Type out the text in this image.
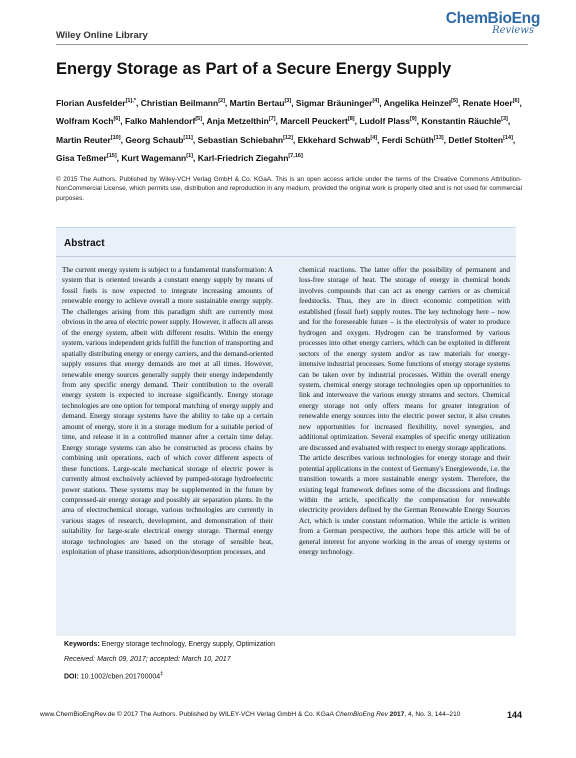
Wiley Online Library
ChemBioEng
Reviews
Energy Storage as Part of a Secure Energy Supply
Florian Ausfelder$^{[1],*}$, Christian Beilmann[2], Martin Bertau[3], Sigmar Bräuninger[4], Angelika Heinzel[5], Renate Hoer[6], Wolfram Koch[6], Falko Mahlendorf[5], Anja Metzelthin[7], Marcell Peuckert[8], Ludolf Plass[9], Konstantin Räuchle[3], Martin Reuter[10], Georg Schaub[11], Sebastian Schiebahn[12], Ekkehard Schwab[4], Ferdi Schüth[13], Detlef Stolten[14], Gisa Teßmer[15], Kurt Wagemann[1], Karl-Friedrich Ziegahn[7,16]
© 2015 The Authors. Published by Wiley-VCH Verlag GmbH & Co. KGaA. This is an open access article under the terms of the Creative Commons Attribution-NonCommercial License, which permits use, distribution and reproduction in any medium, provided the original work is properly cited and is not used for commercial purposes.
Abstract
The current energy system is subject to a fundamental transformation: A system that is oriented towards a constant energy supply by means of fossil fuels is now expected to integrate increasing amounts of renewable energy to achieve overall a more sustainable energy supply. The challenges arising from this paradigm shift are currently most obvious in the area of electric power supply. However, it affects all areas of the energy system, albeit with different results. Within the energy system, various independent grids fulfill the function of transporting and spatially distributing energy or energy carriers, and the demand-oriented supply ensures that energy demands are met at all times. However, renewable energy sources generally supply their energy independently from any specific energy demand. Their contribution to the overall energy system is expected to increase significantly. Energy storage technologies are one option for temporal matching of energy supply and demand. Energy storage systems have the ability to take up a certain amount of energy, store it in a storage medium for a suitable period of time, and release it in a controlled manner after a certain time delay. Energy storage systems can also be constructed as process chains by combining unit operations, each of which cover different aspects of these functions. Large-scale mechanical storage of electric power is currently almost exclusively achieved by pumped-storage hydroelectric power stations. These systems may be supplemented in the future by compressed-air energy storage and possibly air separation plants. In the area of electrochemical storage, various technologies are currently in various stages of research, development, and demonstration of their suitability for large-scale electrical energy storage. Thermal energy storage technologies are based on the storage of sensible heat, exploitation of phase transitions, adsorption/desorption processes, and
chemical reactions. The latter offer the possibility of permanent and loss-free storage of heat. The storage of energy in chemical bonds involves compounds that can act as energy carriers or as chemical feedstocks. Thus, they are in direct economic competition with established (fossil fuel) supply routes. The key technology here – now and for the foreseeable future – is the electrolysis of water to produce hydrogen and oxygen. Hydrogen can be transformed by various processes into other energy carriers, which can be exploited in different sectors of the energy system and/or as raw materials for energy-intensive industrial processes. Some functions of energy storage systems can be taken over by industrial processes. Within the overall energy system, chemical energy storage technologies open up opportunities to link and interweave the various energy streams and sectors. Chemical energy storage not only offers means for greater integration of renewable energy sources into the electric power sector, it also creates new opportunities for increased flexibility, novel synergies, and additional optimization. Several examples of specific energy utilization are discussed and evaluated with respect to energy storage applications.
The article describes various technologies for energy storage and their potential applications in the context of Germany's Energiewende, i.e. the transition towards a more sustainable energy system. Therefore, the existing legal framework defines some of the discussions and findings within the article, specifically the compensation for renewable electricity providers defined by the German Renewable Energy Sources Act, which is under constant reformation. While the article is written from a German perspective, the authors hope this article will be of general interest for anyone working in the areas of energy systems or energy technology.
Keywords: Energy storage technology, Energy supply, Optimization
Received: March 09, 2017; accepted: March 10, 2017
DOI: 10.1002/cben.201700004‡
www.ChemBioEngRev.de © 2017 The Authors. Published by WILEY-VCH Verlag GmbH & Co. KGaA ChemBioEng Rev 2017, 4, No. 3, 144–210	144
